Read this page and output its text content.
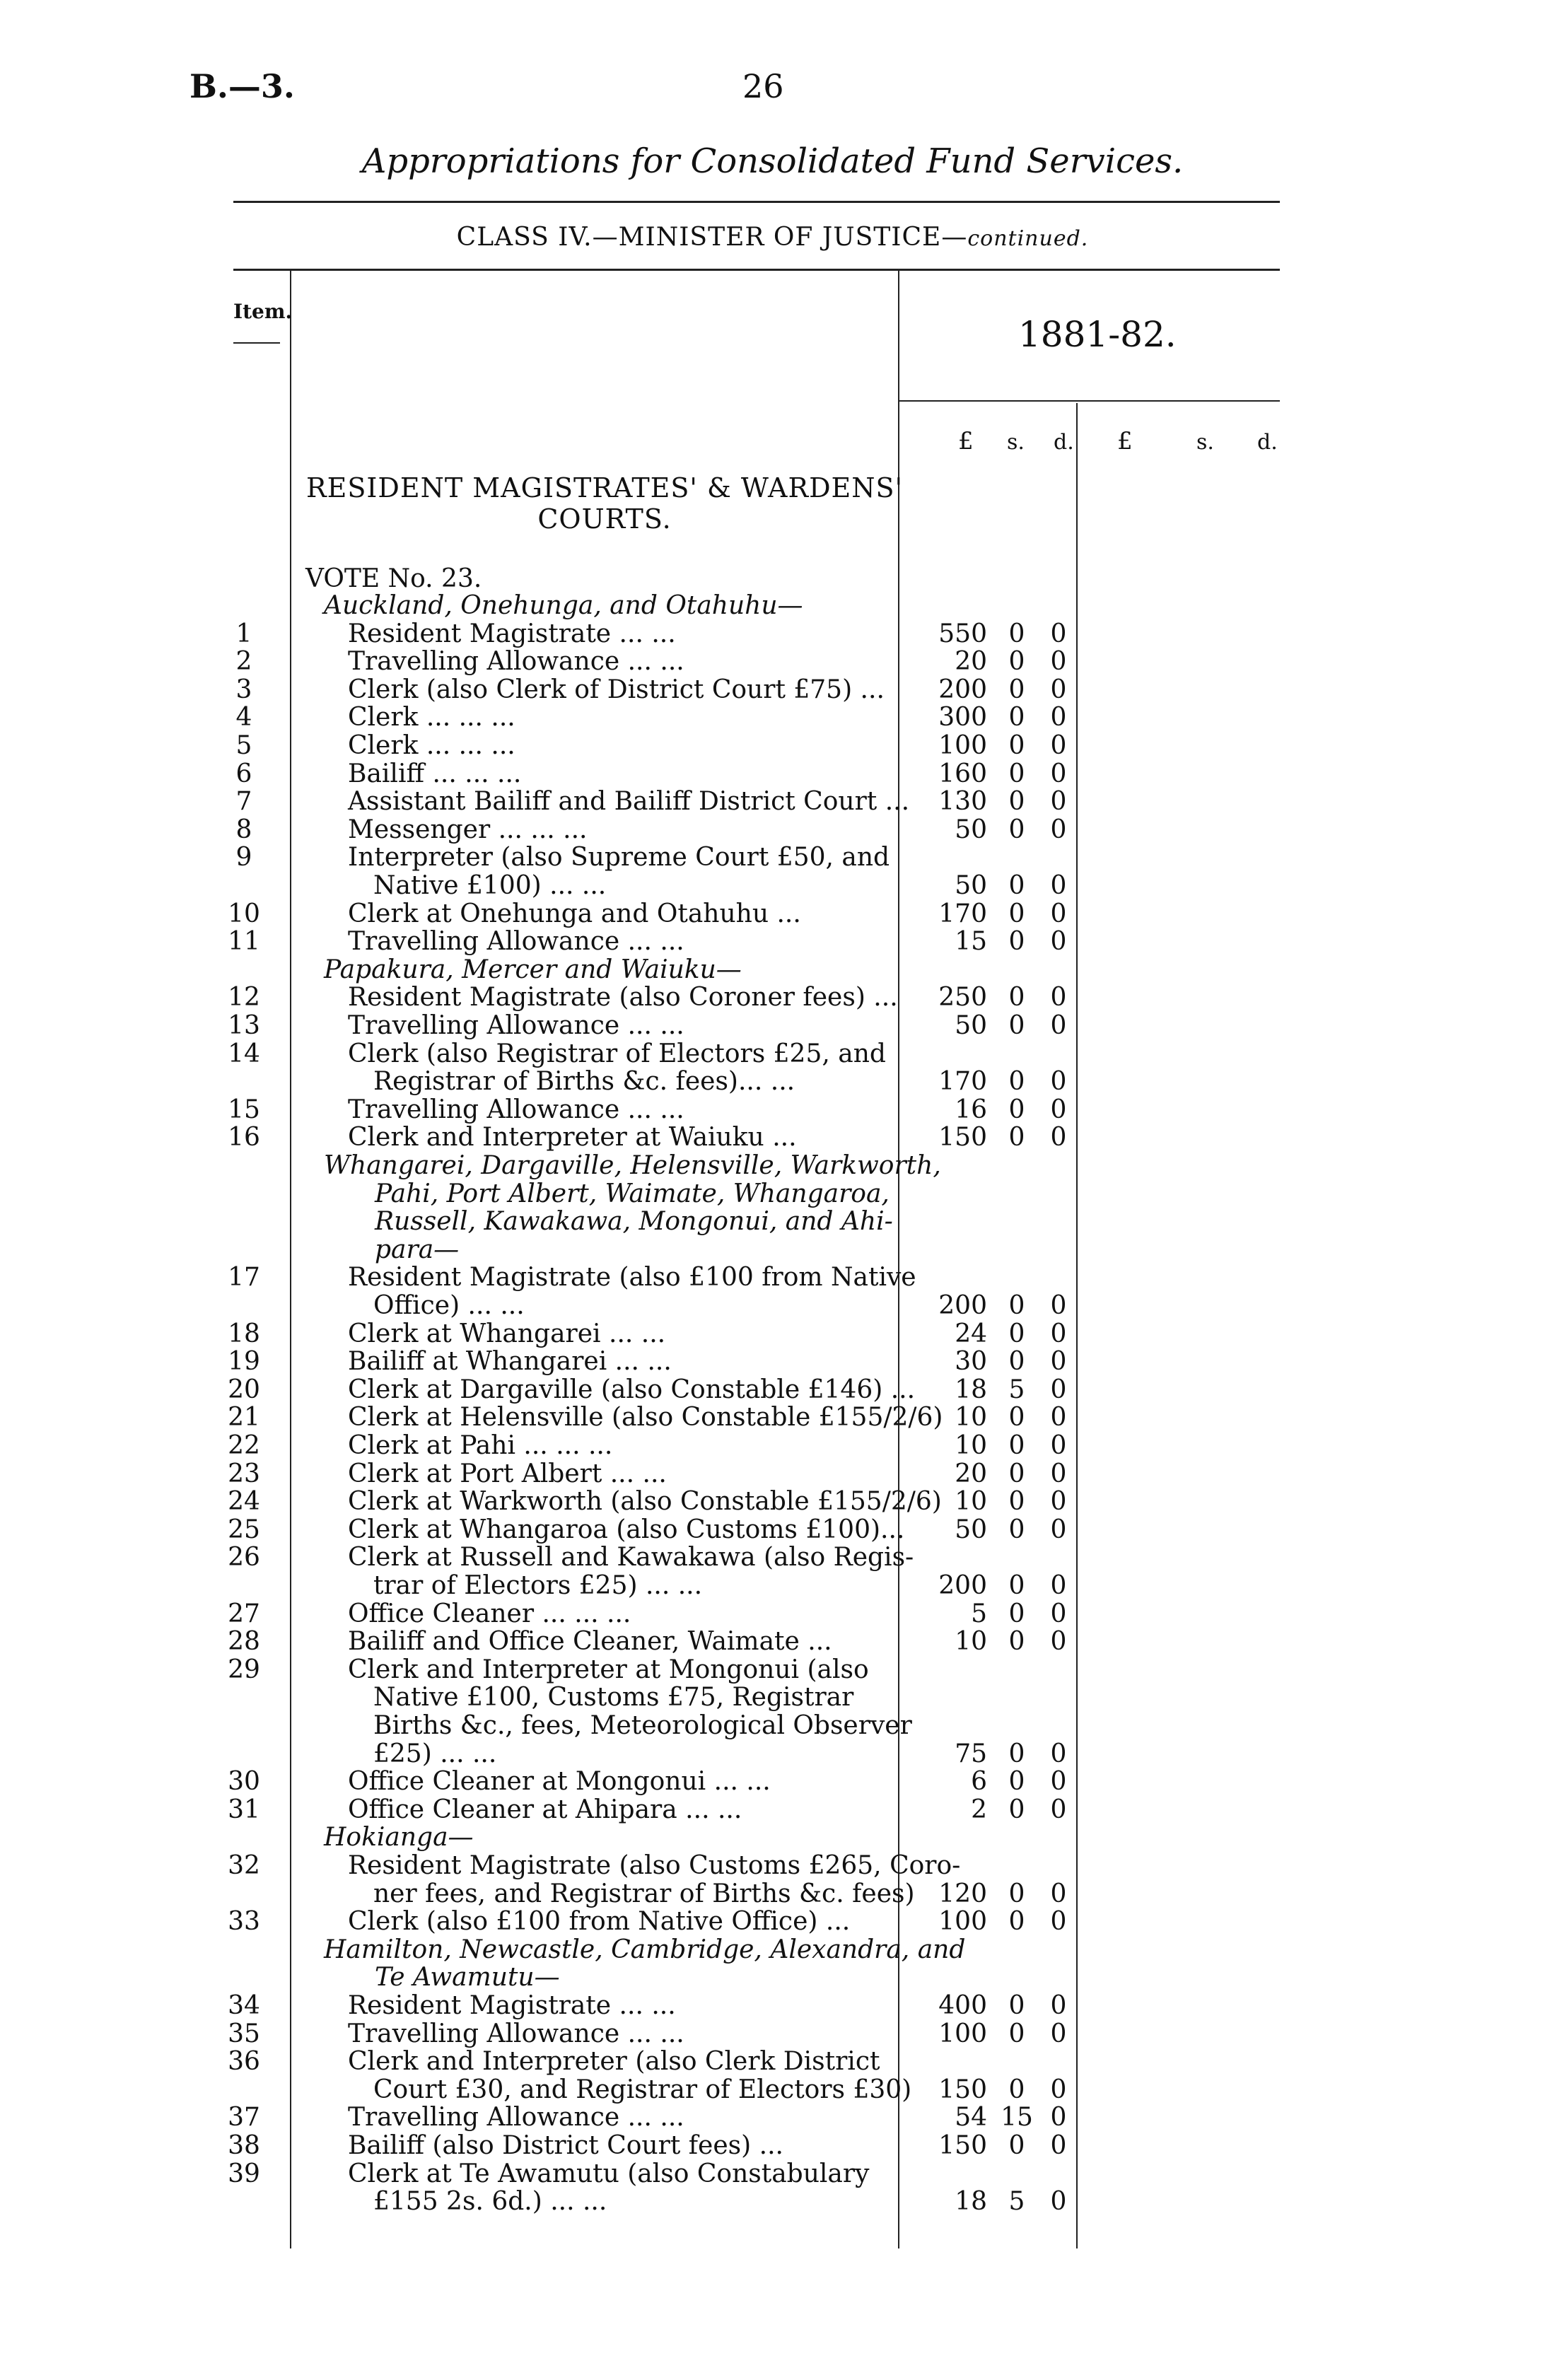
B.—3.	26
Appropriations for Consolidated Fund Services.
CLASS IV.—MINISTER OF JUSTICE—continued.
Item.
1881-82.
£ s. d. £	s. d.
RESIDENT MAGISTRATES' & WARDENS'
COURTS.
VOTE No. 23.
Auckland, Onehunga, and Otahuhu—
1	Resident Magistrate ... ...	550 0	0
2	Travelling Allowance ... ...	20 0	0
3	Clerk (also Clerk of District Court £75) ...	200 0	0
4	Clerk ... ... ...	300 0	0
5	Clerk ... ... ...	100 0	0
6	Bailiff ... ... ...	160 0	0
7	Assistant Bailiff and Bailiff District Court ...	130 0	0
8	Messenger ... ... ...	50 0	0
9	Interpreter (also Supreme Court £50, and
Native £100) ... ...	50 0	0
10	Clerk at Onehunga and Otahuhu ...	170 0	0
11	Travelling Allowance ... ...	15 0	0
Papakura, Mercer and Waiuku—
12	Resident Magistrate (also Coroner fees) ...	250 0	0
13	Travelling Allowance ... ...	50 0	0
14	Clerk (also Registrar of Electors £25, and
Registrar of Births &c. fees)... ...	170 0	0
15	Travelling Allowance ... ...	16 0	0
16	Clerk and Interpreter at Waiuku ...	150 0	0
Whangarei, Dargaville, Helensville, Warkworth,
Pahi, Port Albert, Waimate, Whangaroa,
Russell, Kawakawa, Mongonui, and Ahi-
para—
17	Resident Magistrate (also £100 from Native
Office) ... ...	200 0	0
18	Clerk at Whangarei ... ...	24 0	0
19	Bailiff at Whangarei ... ...	30 0	0
20	Clerk at Dargaville (also Constable £146) ...	18 5	0
21	Clerk at Helensville (also Constable £155/2/6) 10 0	0
22	Clerk at Pahi ... ... ...	10 0	0
23	Clerk at Port Albert ... ...	20 0	0
24	Clerk at Warkworth (also Constable £155/2/6) 10 0	0
25	Clerk at Whangaroa (also Customs £100)...	50 0	0
26	Clerk at Russell and Kawakawa (also Regis-
trar of Electors £25) ... ...	200 0	0
27	Office Cleaner ... ... ...	5 0	0
28	Bailiff and Office Cleaner, Waimate ...	10 0	0
29	Clerk and Interpreter at Mongonui (also
Native £100, Customs £75, Registrar
Births &c., fees, Meteorological Observer
£25) ... ...	75 0	0
30	Office Cleaner at Mongonui ... ...	6 0	0
31	Office Cleaner at Ahipara ... ...	2 0	0
Hokianga—
32	Resident Magistrate (also Customs £265, Coro-
ner fees, and Registrar of Births &c. fees) 120 0	0
33	Clerk (also £100 from Native Office) ...	100 0	0
Hamilton, Newcastle, Cambridge, Alexandra, and
Te Awamutu—
34	Resident Magistrate ... ...	400 0	0
35	Travelling Allowance ... ...	100 0	0
36	Clerk and Interpreter (also Clerk District
Court £30, and Registrar of Electors £30)	150 0	0
37	Travelling Allowance ... ...	54 15 0
38	Bailiff (also District Court fees) ...	150 0	0
39	Clerk at Te Awamutu (also Constabulary
£155 2s. 6d.) ... ...	18 5	0
